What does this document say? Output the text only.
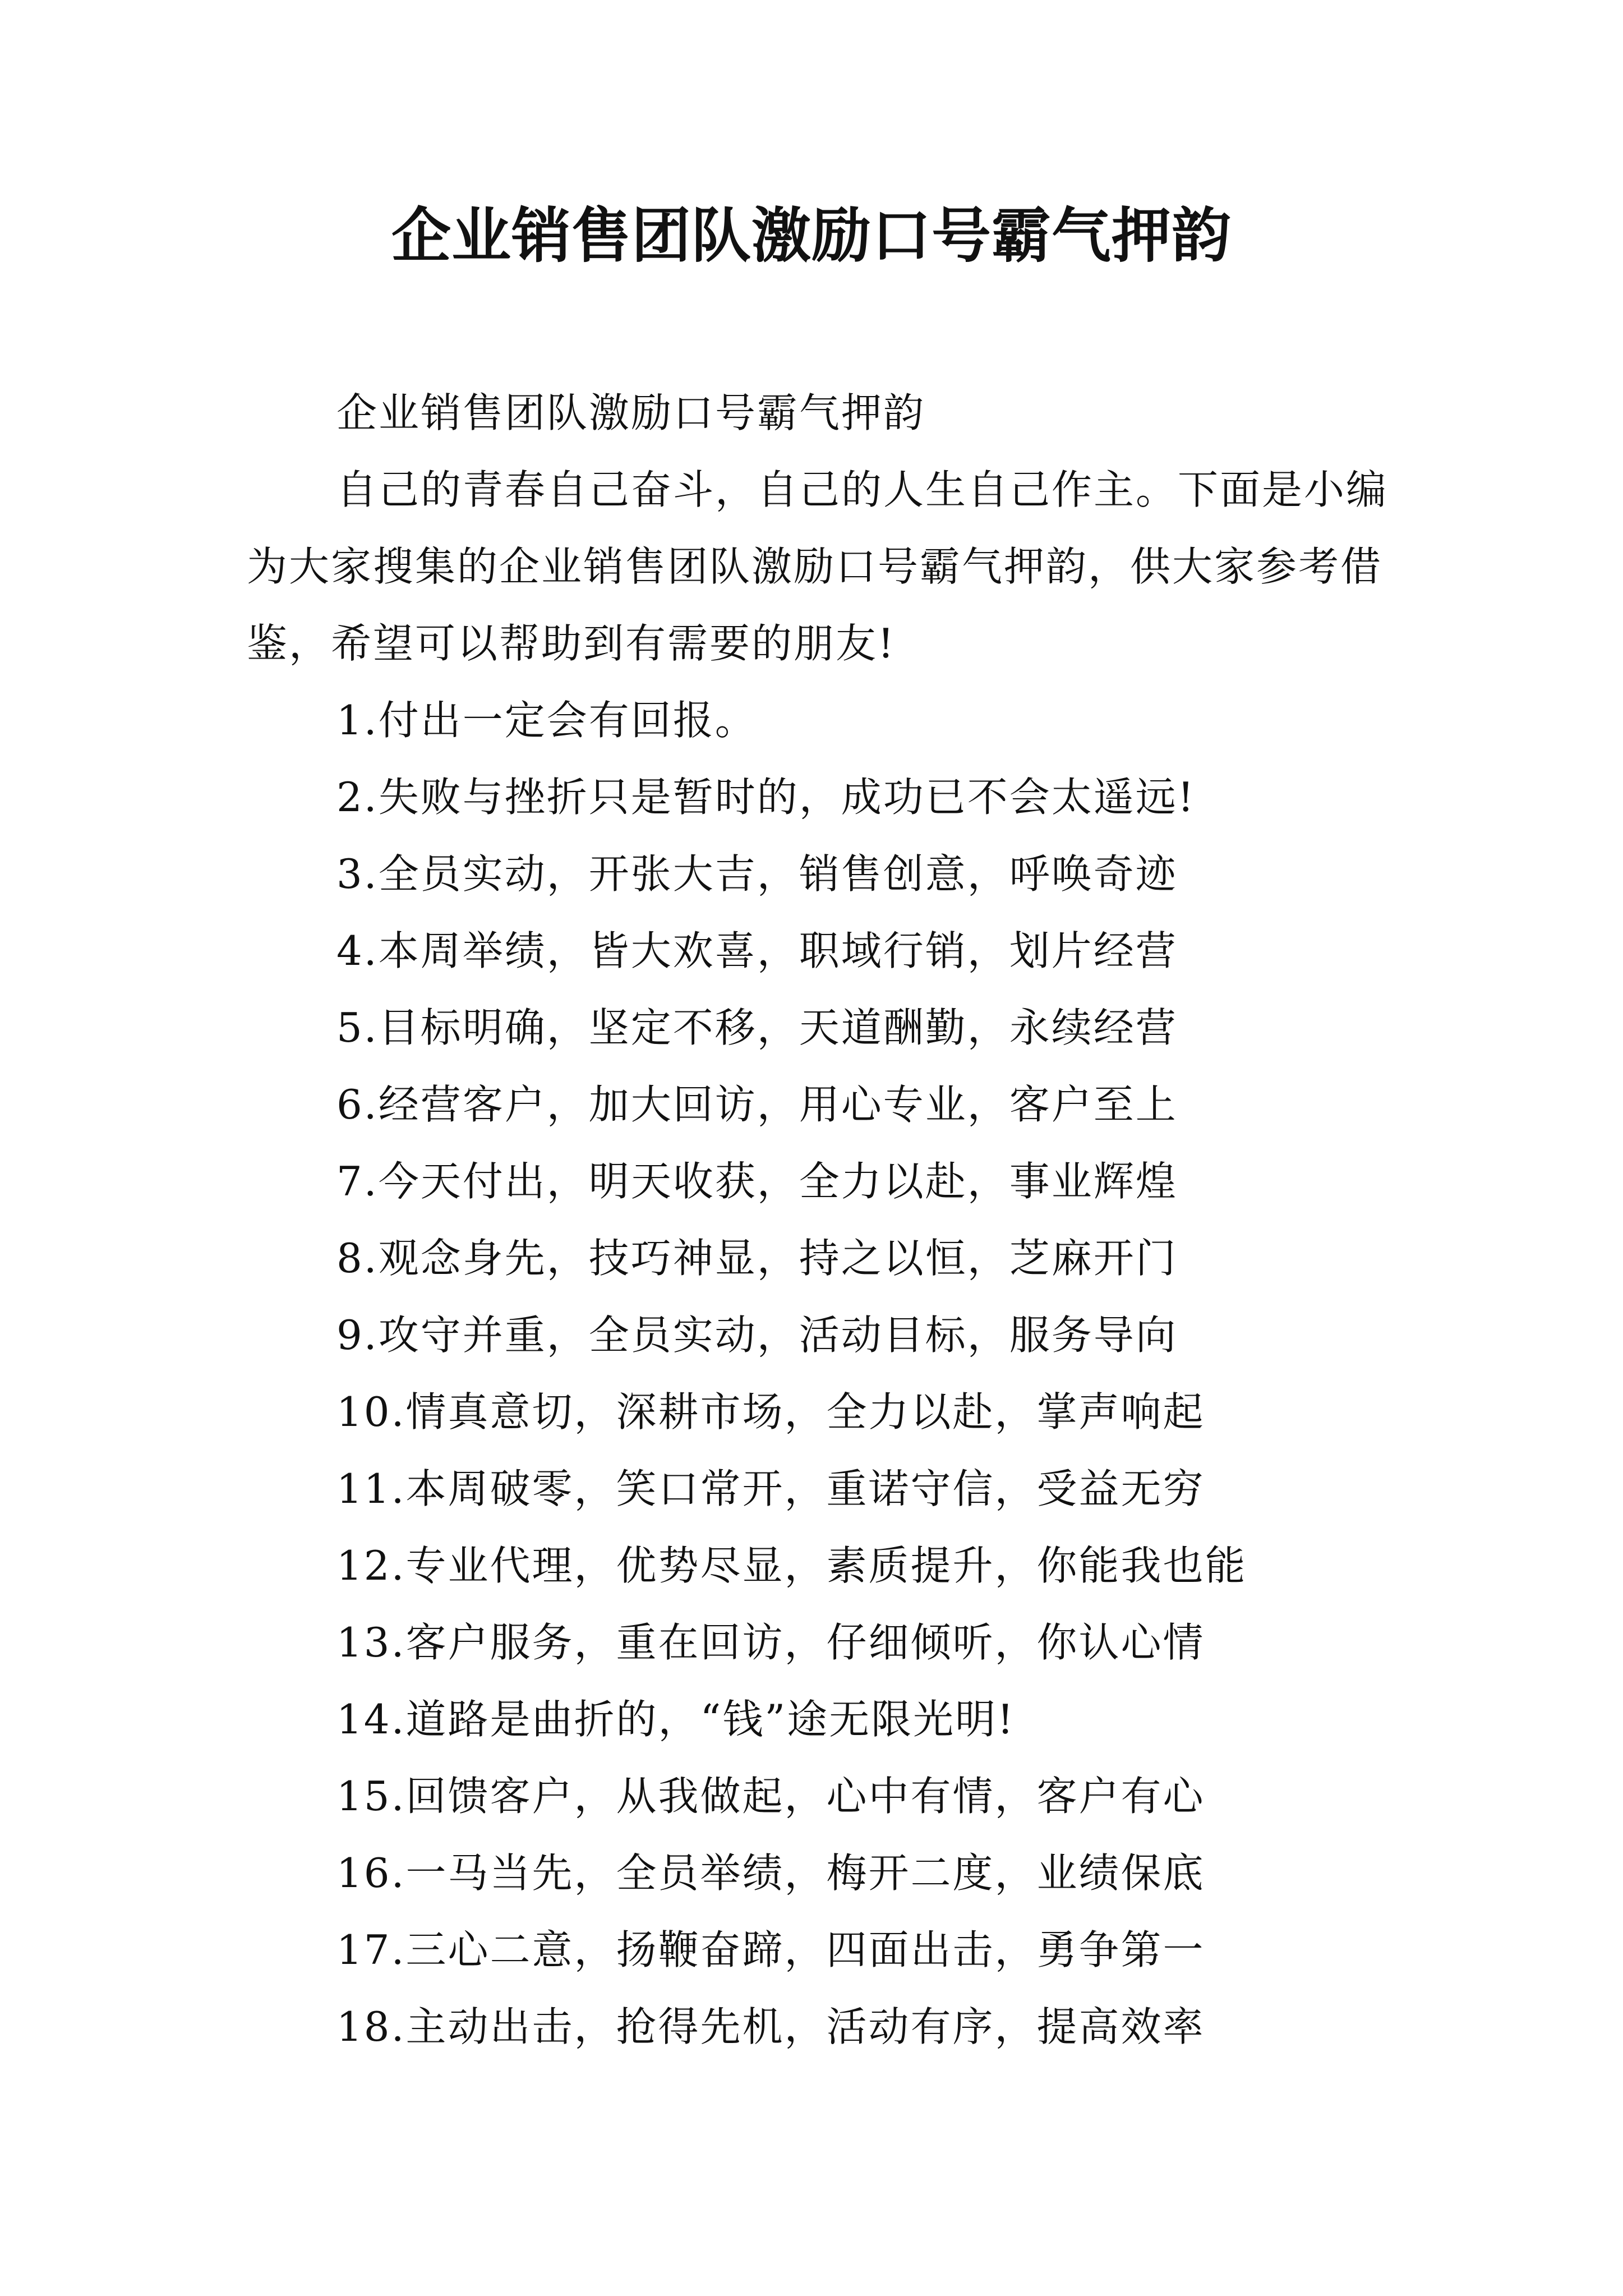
企业销售团队激励口号霸气押韵

企业销售团队激励口号霸气押韵

自己的青春自己奋斗，自己的人生自己作主。下面是小编为大家搜集的企业销售团队激励口号霸气押韵，供大家参考借鉴，希望可以帮助到有需要的朋友!

1.付出一定会有回报。

2.失败与挫折只是暂时的，成功已不会太遥远!

3.全员实动，开张大吉，销售创意，呼唤奇迹

4.本周举绩，皆大欢喜，职域行销，划片经营

5.目标明确，坚定不移，天道酬勤，永续经营

6.经营客户，加大回访，用心专业，客户至上

7.今天付出，明天收获，全力以赴，事业辉煌

8.观念身先，技巧神显，持之以恒，芝麻开门

9.攻守并重，全员实动，活动目标，服务导向

10.情真意切，深耕市场，全力以赴，掌声响起

11.本周破零，笑口常开，重诺守信，受益无穷

12.专业代理，优势尽显，素质提升，你能我也能

13.客户服务，重在回访，仔细倾听，你认心情

14.道路是曲折的，“钱”途无限光明!

15.回馈客户，从我做起，心中有情，客户有心

16.一马当先，全员举绩，梅开二度，业绩保底

17.三心二意，扬鞭奋蹄，四面出击，勇争第一

18.主动出击，抢得先机，活动有序，提高效率
